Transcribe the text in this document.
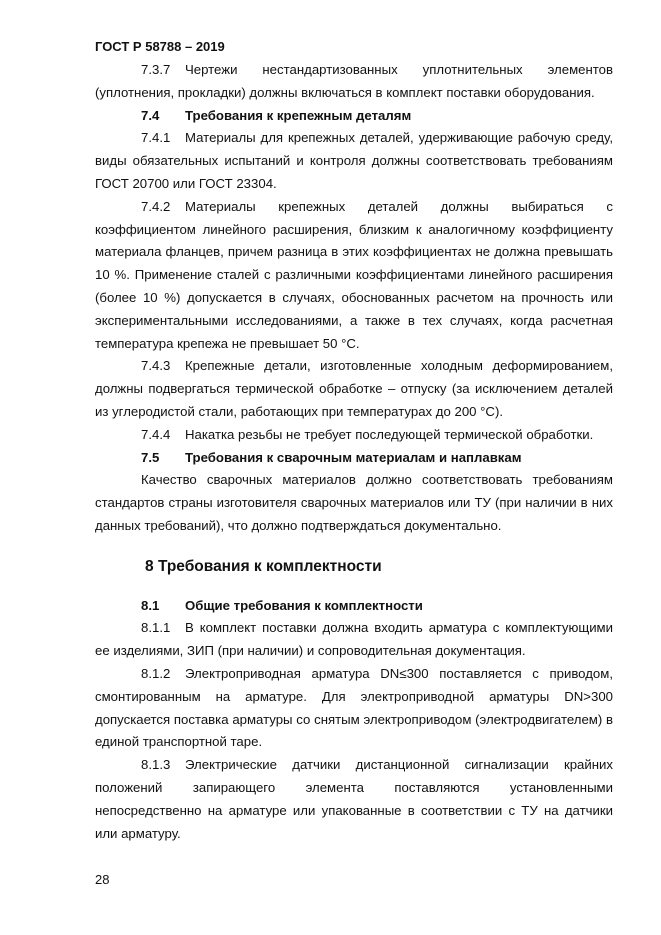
ГОСТ Р 58788 – 2019

7.3.7 Чертежи нестандартизованных уплотнительных элементов (уплотнения, прокладки) должны включаться в комплект поставки оборудования.

7.4 Требования к крепежным деталям

7.4.1 Материалы для крепежных деталей, удерживающие рабочую среду, виды обязательных испытаний и контроля должны соответствовать требованиям ГОСТ 20700 или ГОСТ 23304.

7.4.2 Материалы крепежных деталей должны выбираться с коэффициентом линейного расширения, близким к аналогичному коэффициенту материала фланцев, причем разница в этих коэффициентах не должна превышать 10 %. Применение сталей с различными коэффициентами линейного расширения (более 10 %) допускается в случаях, обоснованных расчетом на прочность или экспериментальными исследованиями, а также в тех случаях, когда расчетная температура крепежа не превышает 50 °С.

7.4.3 Крепежные детали, изготовленные холодным деформированием, должны подвергаться термической обработке – отпуску (за исключением деталей из углеродистой стали, работающих при температурах до 200 °С).

7.4.4 Накатка резьбы не требует последующей термической обработки.

7.5 Требования к сварочным материалам и наплавкам

Качество сварочных материалов должно соответствовать требованиям стандартов страны изготовителя сварочных материалов или ТУ (при наличии в них данных требований), что должно подтверждаться документально.

8 Требования к комплектности

8.1 Общие требования к комплектности

8.1.1 В комплект поставки должна входить арматура с комплектующими ее изделиями, ЗИП (при наличии) и сопроводительная документация.

8.1.2 Электроприводная арматура DN≤300 поставляется с приводом, смонтированным на арматуре. Для электроприводной арматуры DN>300 допускается поставка арматуры со снятым электроприводом (электродвигателем) в единой транспортной таре.

8.1.3 Электрические датчики дистанционной сигнализации крайних положений запирающего элемента поставляются установленными непосредственно на арматуре или упакованные в соответствии с ТУ на датчики или арматуру.

28
